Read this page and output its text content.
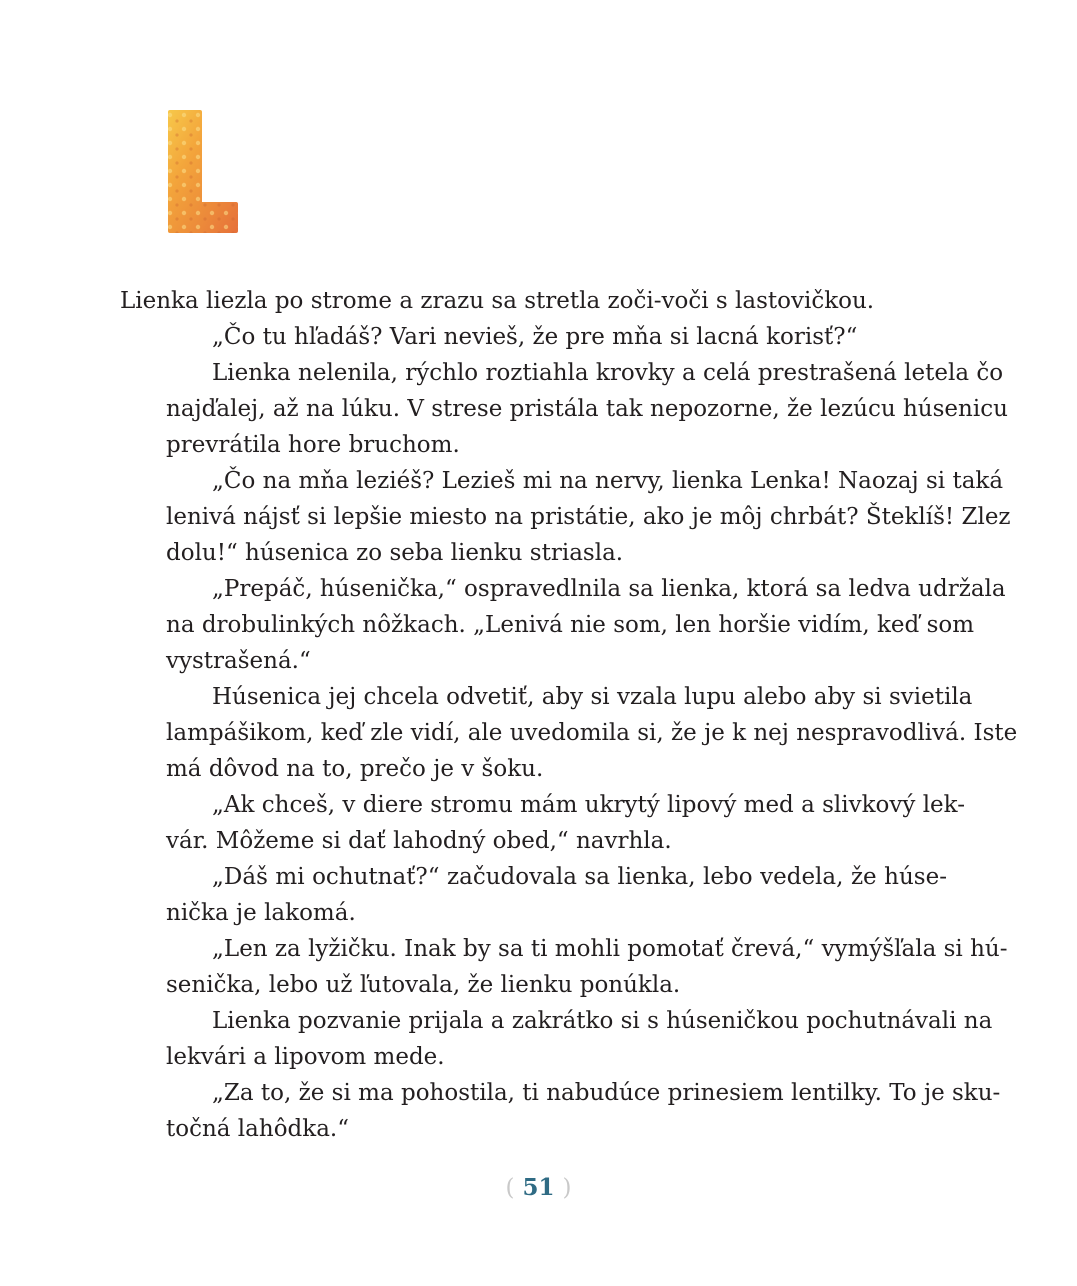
Lienka liezla po strome a zrazu sa stretla zoči-voči s lastovičkou.

„Čo tu hľadáš? Vari nevieš, že pre mňa si lacná korisť?“

Lienka nelenila, rýchlo roztiahla krovky a celá prestrašená letela čo
najďalej, až na lúku. V strese pristála tak nepozorne, že lezúcu húsenicu
prevrátila hore bruchom.

„Čo na mňa leziéš? Lezieš mi na nervy, lienka Lenka! Naozaj si taká
lenivá nájsť si lepšie miesto na pristátie, ako je môj chrbát? Šteklíš! Zlez
dolu!“ húsenica zo seba lienku striasla.

„Prepáč, húsenička,“ ospravedlnila sa lienka, ktorá sa ledva udržala
na drobulinkých nôžkach. „Lenivá nie som, len horšie vidím, keď som
vystrašená.“

Húsenica jej chcela odvetiť, aby si vzala lupu alebo aby si svietila
lampášikom, keď zle vidí, ale uvedomila si, že je k nej nespravodlivá. Iste
má dôvod na to, prečo je v šoku.

„Ak chceš, v diere stromu mám ukrytý lipový med a slivkový lek-
vár. Môžeme si dať lahodný obed,“ navrhla.

„Dáš mi ochutnať?“ začudovala sa lienka, lebo vedela, že húse-
nička je lakomá.

„Len za lyžičku. Inak by sa ti mohli pomotať črevá,“ vymýšľala si hú-
senička, lebo už ľutovala, že lienku ponúkla.

Lienka pozvanie prijala a zakrátko si s húseničkou pochutnávali na
lekvári a lipovom mede.

„Za to, že si ma pohostila, ti nabudúce prinesiem lentilky. To je sku-
točná lahôdka.“

( 51 )
